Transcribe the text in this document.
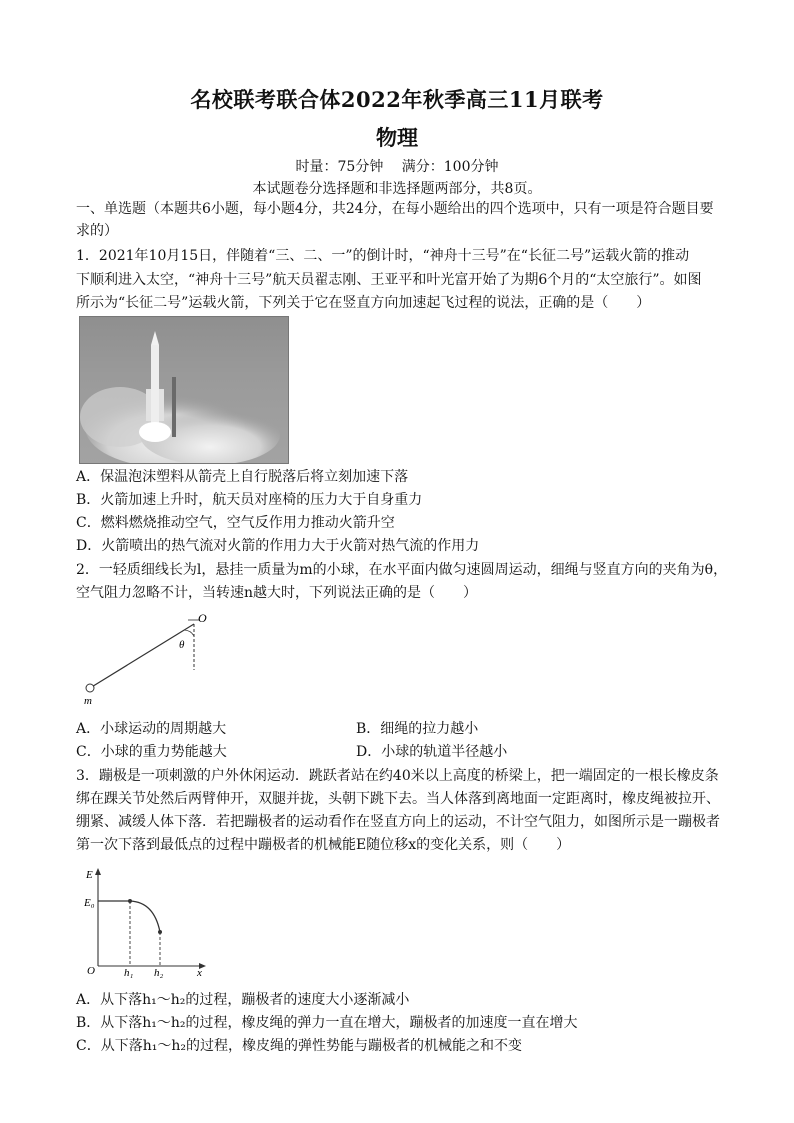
名校联考联合体2022年秋季高三11月联考
物理
时量：75分钟　 满分：100分钟
本试题卷分选择题和非选择题两部分，共8页。
一、单选题（本题共6小题，每小题4分，共24分，在每小题给出的四个选项中，只有一项是符合题目要
求的）
1．2021年10月15日，伴随着“三、二、一”的倒计时，“神舟十三号”在“长征二号”运载火箭的推动
下顺利进入太空，“神舟十三号”航天员翟志刚、王亚平和叶光富开始了为期6个月的“太空旅行”。如图
所示为“长征二号”运载火箭，下列关于它在竖直方向加速起飞过程的说法，正确的是（　　）
A．保温泡沫塑料从箭壳上自行脱落后将立刻加速下落
B．火箭加速上升时，航天员对座椅的压力大于自身重力
C．燃料燃烧推动空气，空气反作用力推动火箭升空
D．火箭喷出的热气流对火箭的作用力大于火箭对热气流的作用力
2．一轻质细线长为l，悬挂一质量为m的小球，在水平面内做匀速圆周运动，细绳与竖直方向的夹角为θ，
空气阻力忽略不计，当转速n越大时，下列说法正确的是（　　）
O
θ
m
A．小球运动的周期越大	B．细绳的拉力越小
C．小球的重力势能越大	D．小球的轨道半径越小
3．蹦极是一项刺激的户外休闲运动．跳跃者站在约40米以上高度的桥梁上，把一端固定的一根长橡皮条
绑在踝关节处然后两臂伸开，双腿并拢，头朝下跳下去。当人体落到离地面一定距离时，橡皮绳被拉开、
绷紧、减缓人体下落．若把蹦极者的运动看作在竖直方向上的运动，不计空气阻力，如图所示是一蹦极者
第一次下落到最低点的过程中蹦极者的机械能E随位移x的变化关系，则（　　）
E
E₀
O	h₁ h₂	x
A．从下落h₁～h₂的过程，蹦极者的速度大小逐渐减小
B．从下落h₁～h₂的过程，橡皮绳的弹力一直在增大，蹦极者的加速度一直在增大
C．从下落h₁～h₂的过程，橡皮绳的弹性势能与蹦极者的机械能之和不变
